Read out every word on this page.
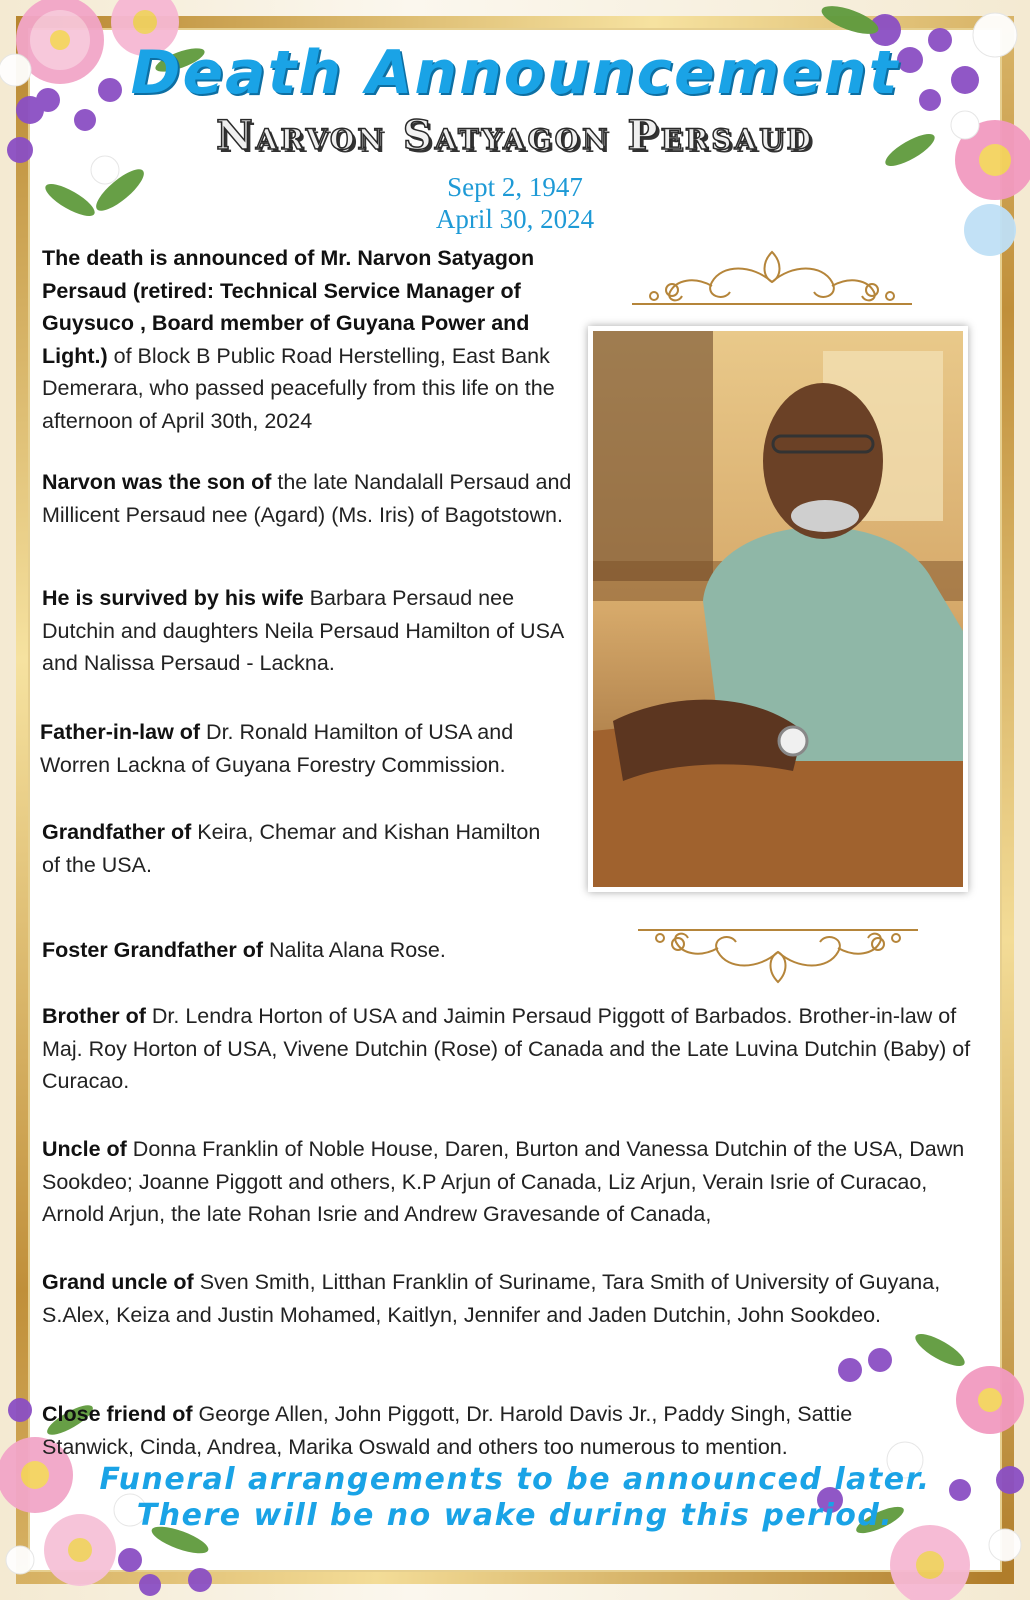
Death Announcement
Narvon Satyagon Persaud
Sept 2, 1947
April 30, 2024
The death is announced of Mr. Narvon Satyagon Persaud (retired: Technical Service Manager of Guysuco , Board member of Guyana Power and Light.) of Block B Public Road Herstelling, East Bank Demerara, who passed peacefully from this life on the afternoon of April 30th, 2024
Narvon was the son of the late Nandalall Persaud and Millicent Persaud nee (Agard) (Ms. Iris) of Bagotstown.
He is survived by his wife Barbara Persaud nee Dutchin and daughters Neila Persaud Hamilton of USA and Nalissa Persaud - Lackna.
Father-in-law of Dr. Ronald Hamilton of USA and Worren Lackna of Guyana Forestry Commission.
Grandfather of Keira, Chemar and Kishan Hamilton of the USA.
Foster Grandfather of Nalita Alana Rose.
Brother of Dr. Lendra Horton of USA and Jaimin Persaud Piggott of Barbados. Brother-in-law of Maj. Roy Horton of USA, Vivene Dutchin (Rose) of Canada and the Late Luvina Dutchin (Baby) of Curacao.
Uncle of Donna Franklin of Noble House, Daren, Burton and Vanessa Dutchin of the USA, Dawn Sookdeo; Joanne Piggott and others, K.P Arjun of Canada, Liz Arjun, Verain Isrie of Curacao, Arnold Arjun, the late Rohan Isrie and Andrew Gravesande of Canada,
Grand uncle of Sven Smith, Litthan Franklin of Suriname, Tara Smith of University of Guyana, S.Alex, Keiza and Justin Mohamed, Kaitlyn, Jennifer and Jaden Dutchin, John Sookdeo.
Close friend of George Allen, John Piggott, Dr. Harold Davis Jr., Paddy Singh, Sattie Stanwick, Cinda, Andrea, Marika Oswald and others too numerous to mention.
Funeral arrangements to be announced later.
There will be no wake during this period.
